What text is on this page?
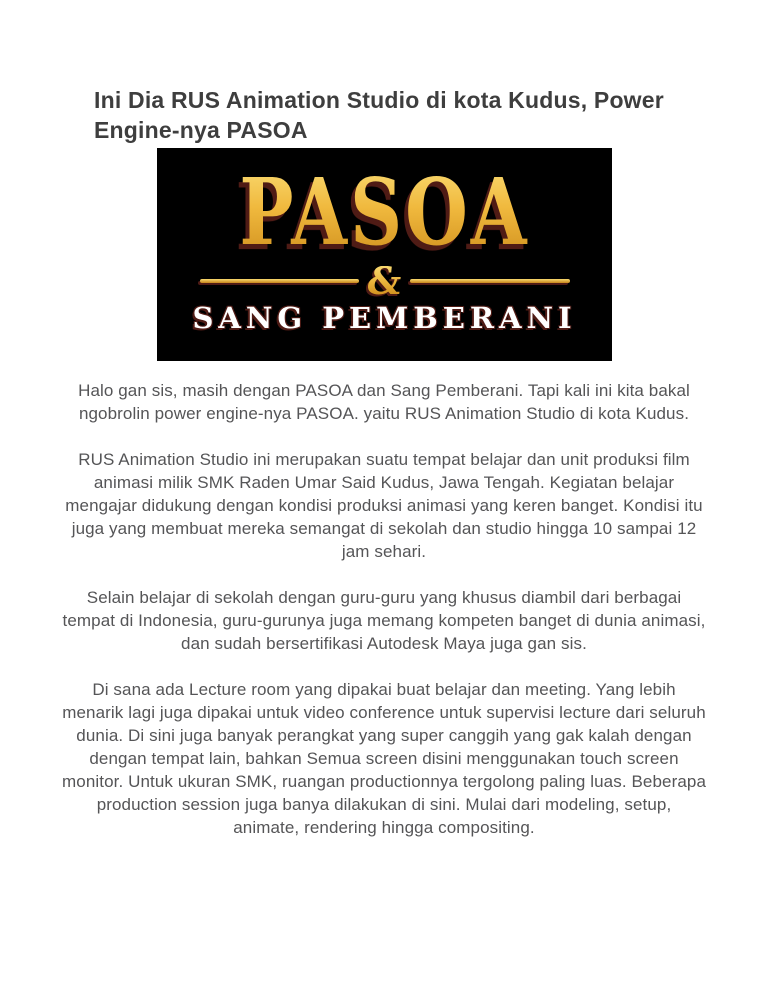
Ini Dia RUS Animation Studio di kota Kudus, Power Engine-nya PASOA
PASOA
&
SANG PEMBERANI

Halo gan sis, masih dengan PASOA dan Sang Pemberani. Tapi kali ini kita bakal ngobrolin power engine-nya PASOA. yaitu RUS Animation Studio di kota Kudus.

RUS Animation Studio ini merupakan suatu tempat belajar dan unit produksi film animasi milik SMK Raden Umar Said Kudus, Jawa Tengah. Kegiatan belajar mengajar didukung dengan kondisi produksi animasi yang keren banget. Kondisi itu juga yang membuat mereka semangat di sekolah dan studio hingga 10 sampai 12 jam sehari.

Selain belajar di sekolah dengan guru-guru yang khusus diambil dari berbagai tempat di Indonesia, guru-gurunya juga memang kompeten banget di dunia animasi, dan sudah bersertifikasi Autodesk Maya juga gan sis.

Di sana ada Lecture room yang dipakai buat belajar dan meeting. Yang lebih menarik lagi juga dipakai untuk video conference untuk supervisi lecture dari seluruh dunia. Di sini juga banyak perangkat yang super canggih yang gak kalah dengan dengan tempat lain, bahkan Semua screen disini menggunakan touch screen monitor. Untuk ukuran SMK, ruangan productionnya tergolong paling luas. Beberapa production session juga banya dilakukan di sini. Mulai dari modeling, setup, animate, rendering hingga compositing.
